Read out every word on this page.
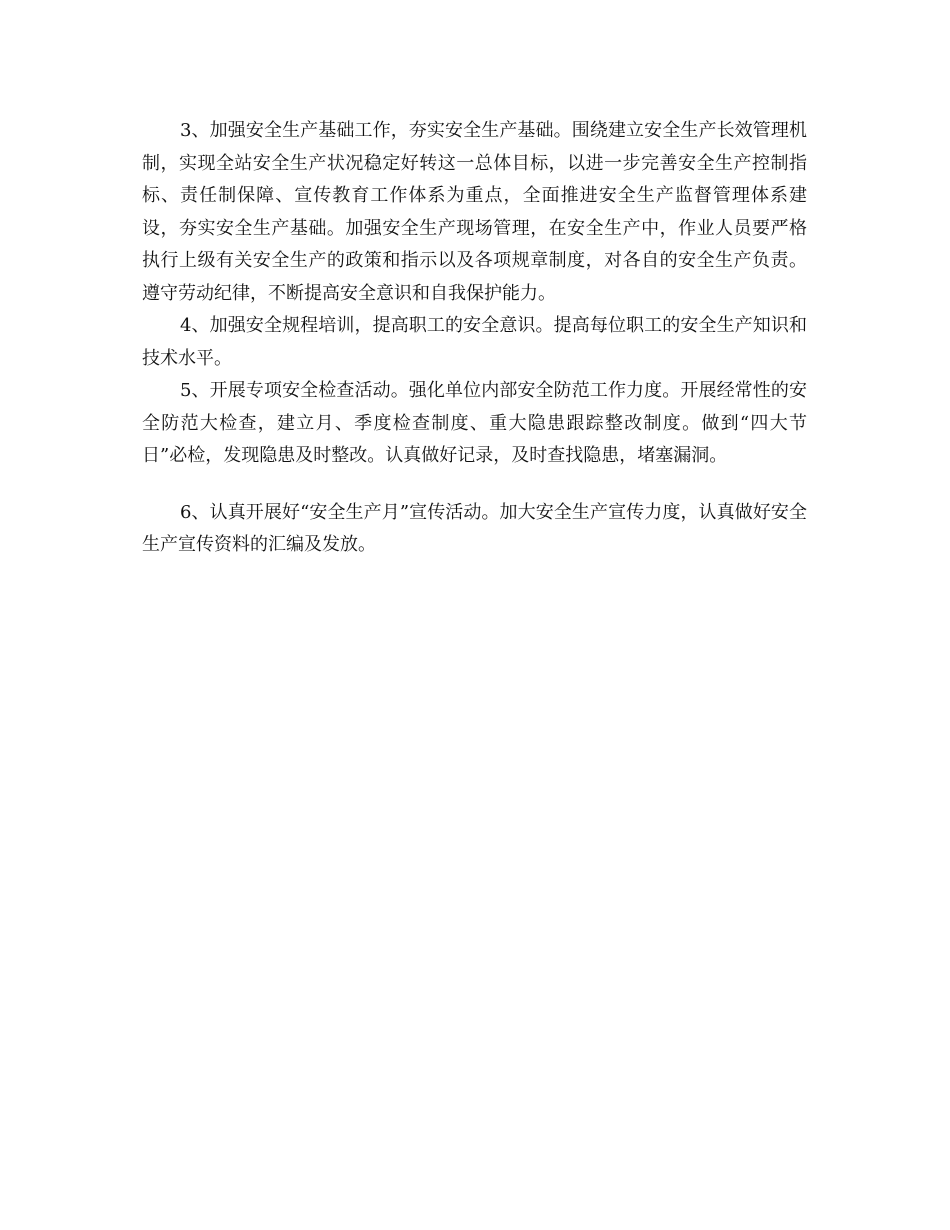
3、加强安全生产基础工作，夯实安全生产基础。围绕建立安全生产长效管理机制，实现全站安全生产状况稳定好转这一总体目标，以进一步完善安全生产控制指标、责任制保障、宣传教育工作体系为重点，全面推进安全生产监督管理体系建设，夯实安全生产基础。加强安全生产现场管理，在安全生产中，作业人员要严格执行上级有关安全生产的政策和指示以及各项规章制度，对各自的安全生产负责。遵守劳动纪律，不断提高安全意识和自我保护能力。

4、加强安全规程培训，提高职工的安全意识。提高每位职工的安全生产知识和技术水平。

5、开展专项安全检查活动。强化单位内部安全防范工作力度。开展经常性的安全防范大检查，建立月、季度检查制度、重大隐患跟踪整改制度。做到“四大节日”必检，发现隐患及时整改。认真做好记录，及时查找隐患，堵塞漏洞。

6、认真开展好“安全生产月”宣传活动。加大安全生产宣传力度，认真做好安全生产宣传资料的汇编及发放。
